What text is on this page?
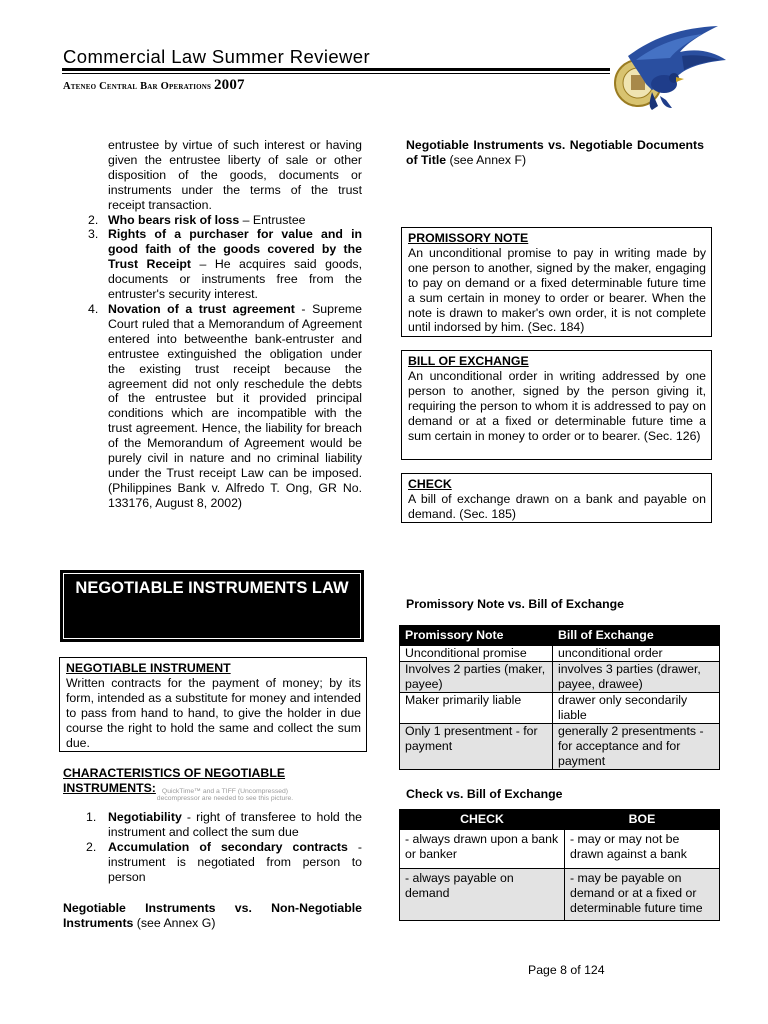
Commercial Law Summer Reviewer
Ateneo Central Bar Operations 2007
entrustee by virtue of such interest or having given the entrustee liberty of sale or other disposition of the goods, documents or instruments under the terms of the trust receipt transaction.
2. Who bears risk of loss – Entrustee
3. Rights of a purchaser for value and in good faith of the goods covered by the Trust Receipt – He acquires said goods, documents or instruments free from the entruster's security interest.
4. Novation of a trust agreement - Supreme Court ruled that a Memorandum of Agreement entered into betweenthe bank-entruster and entrustee extinguished the obligation under the existing trust receipt because the agreement did not only reschedule the debts of the entrustee but it provided principal conditions which are incompatible with the trust agreement. Hence, the liability for breach of the Memorandum of Agreement would be purely civil in nature and no criminal liability under the Trust receipt Law can be imposed. (Philippines Bank v. Alfredo T. Ong, GR No. 133176, August 8, 2002)
NEGOTIABLE INSTRUMENTS LAW
NEGOTIABLE INSTRUMENT
Written contracts for the payment of money; by its form, intended as a substitute for money and intended to pass from hand to hand, to give the holder in due course the right to hold the same and collect the sum due.
CHARACTERISTICS OF NEGOTIABLE INSTRUMENTS: QuickTime™ and a TIFF (Uncompressed) decompressor are needed to see this picture.
1. Negotiability - right of transferee to hold the instrument and collect the sum due
2. Accumulation of secondary contracts - instrument is negotiated from person to person
Negotiable Instruments vs. Non-Negotiable Instruments (see Annex G)
Negotiable Instruments vs. Negotiable Documents of Title (see Annex F)
PROMISSORY NOTE
An unconditional promise to pay in writing made by one person to another, signed by the maker, engaging to pay on demand or a fixed determinable future time a sum certain in money to order or bearer. When the note is drawn to maker's own order, it is not complete until indorsed by him. (Sec. 184)
BILL OF EXCHANGE
An unconditional order in writing addressed by one person to another, signed by the person giving it, requiring the person to whom it is addressed to pay on demand or at a fixed or determinable future time a sum certain in money to order or to bearer. (Sec. 126)
CHECK
A bill of exchange drawn on a bank and payable on demand. (Sec. 185)
Promissory Note vs. Bill of Exchange
Promissory Note	Bill of Exchange
Unconditional promise	unconditional order
Involves 2 parties (maker, payee)	involves 3 parties (drawer, payee, drawee)
Maker primarily liable	drawer only secondarily liable
Only 1 presentment - for payment	generally 2 presentments - for acceptance and for payment
Check vs. Bill of Exchange
CHECK	BOE
- always drawn upon a bank or banker	- may or may not be drawn against a bank
- always payable on demand	- may be payable on demand or at a fixed or determinable future time
Page 8 of 124
